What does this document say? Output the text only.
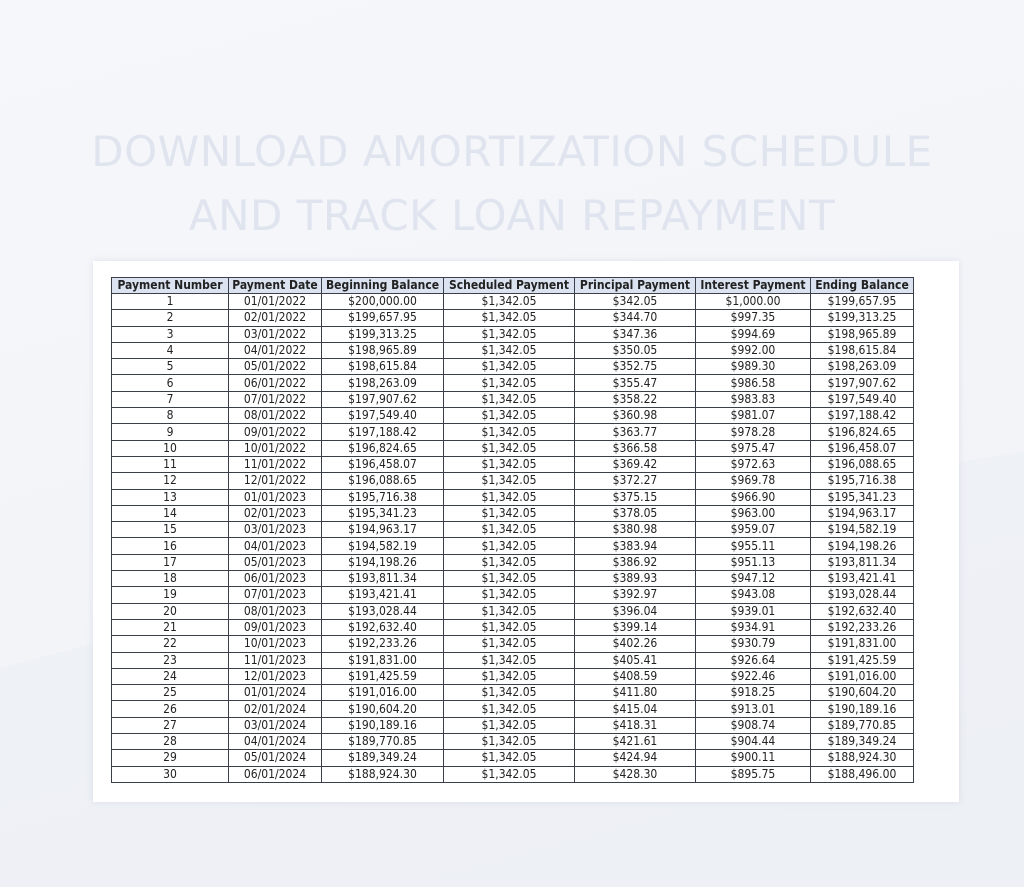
DOWNLOAD AMORTIZATION SCHEDULE
AND TRACK LOAN REPAYMENT
Payment Number	Payment Date	Beginning Balance	Scheduled Payment	Principal Payment	Interest Payment	Ending Balance
1	01/01/2022	$200,000.00	$1,342.05	$342.05	$1,000.00	$199,657.95
2	02/01/2022	$199,657.95	$1,342.05	$344.70	$997.35	$199,313.25
3	03/01/2022	$199,313.25	$1,342.05	$347.36	$994.69	$198,965.89
4	04/01/2022	$198,965.89	$1,342.05	$350.05	$992.00	$198,615.84
5	05/01/2022	$198,615.84	$1,342.05	$352.75	$989.30	$198,263.09
6	06/01/2022	$198,263.09	$1,342.05	$355.47	$986.58	$197,907.62
7	07/01/2022	$197,907.62	$1,342.05	$358.22	$983.83	$197,549.40
8	08/01/2022	$197,549.40	$1,342.05	$360.98	$981.07	$197,188.42
9	09/01/2022	$197,188.42	$1,342.05	$363.77	$978.28	$196,824.65
10	10/01/2022	$196,824.65	$1,342.05	$366.58	$975.47	$196,458.07
11	11/01/2022	$196,458.07	$1,342.05	$369.42	$972.63	$196,088.65
12	12/01/2022	$196,088.65	$1,342.05	$372.27	$969.78	$195,716.38
13	01/01/2023	$195,716.38	$1,342.05	$375.15	$966.90	$195,341.23
14	02/01/2023	$195,341.23	$1,342.05	$378.05	$963.00	$194,963.17
15	03/01/2023	$194,963.17	$1,342.05	$380.98	$959.07	$194,582.19
16	04/01/2023	$194,582.19	$1,342.05	$383.94	$955.11	$194,198.26
17	05/01/2023	$194,198.26	$1,342.05	$386.92	$951.13	$193,811.34
18	06/01/2023	$193,811.34	$1,342.05	$389.93	$947.12	$193,421.41
19	07/01/2023	$193,421.41	$1,342.05	$392.97	$943.08	$193,028.44
20	08/01/2023	$193,028.44	$1,342.05	$396.04	$939.01	$192,632.40
21	09/01/2023	$192,632.40	$1,342.05	$399.14	$934.91	$192,233.26
22	10/01/2023	$192,233.26	$1,342.05	$402.26	$930.79	$191,831.00
23	11/01/2023	$191,831.00	$1,342.05	$405.41	$926.64	$191,425.59
24	12/01/2023	$191,425.59	$1,342.05	$408.59	$922.46	$191,016.00
25	01/01/2024	$191,016.00	$1,342.05	$411.80	$918.25	$190,604.20
26	02/01/2024	$190,604.20	$1,342.05	$415.04	$913.01	$190,189.16
27	03/01/2024	$190,189.16	$1,342.05	$418.31	$908.74	$189,770.85
28	04/01/2024	$189,770.85	$1,342.05	$421.61	$904.44	$189,349.24
29	05/01/2024	$189,349.24	$1,342.05	$424.94	$900.11	$188,924.30
30	06/01/2024	$188,924.30	$1,342.05	$428.30	$895.75	$188,496.00
